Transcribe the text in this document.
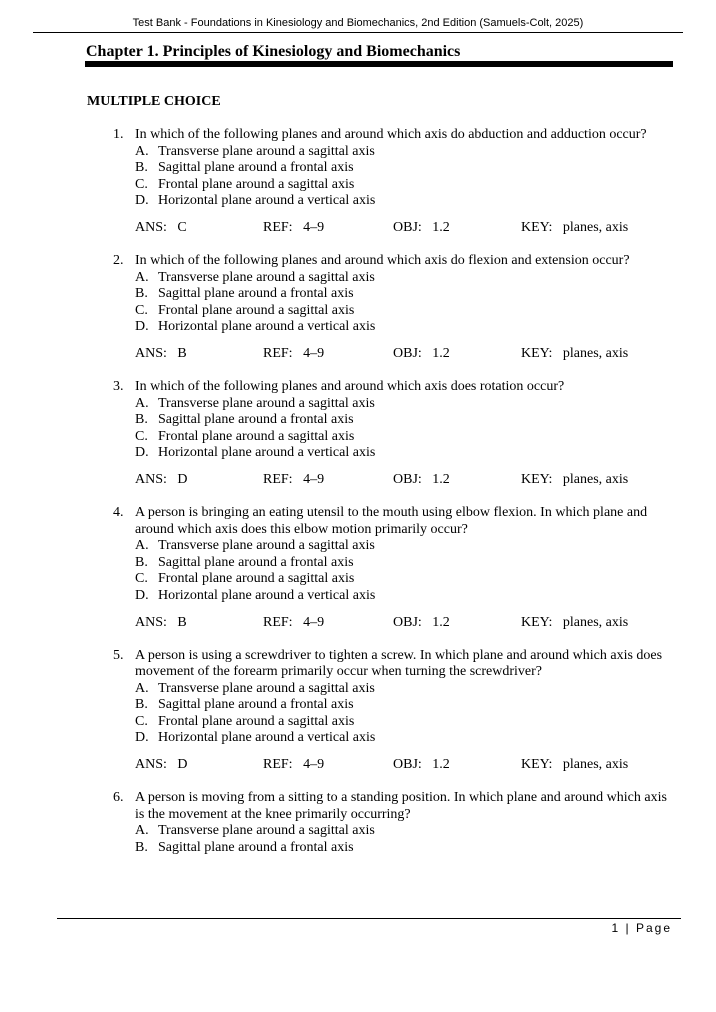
Test Bank - Foundations in Kinesiology and Biomechanics, 2nd Edition (Samuels-Colt, 2025)
Chapter 1. Principles of Kinesiology and Biomechanics
MULTIPLE CHOICE
1. In which of the following planes and around which axis do abduction and adduction occur?
A. Transverse plane around a sagittal axis
B. Sagittal plane around a frontal axis
C. Frontal plane around a sagittal axis
D. Horizontal plane around a vertical axis
ANS:   C	REF:   4–9	OBJ:   1.2	KEY:   planes, axis
2. In which of the following planes and around which axis do flexion and extension occur?
A. Transverse plane around a sagittal axis
B. Sagittal plane around a frontal axis
C. Frontal plane around a sagittal axis
D. Horizontal plane around a vertical axis
ANS:   B	REF:   4–9	OBJ:   1.2	KEY:   planes, axis
3. In which of the following planes and around which axis does rotation occur?
A. Transverse plane around a sagittal axis
B. Sagittal plane around a frontal axis
C. Frontal plane around a sagittal axis
D. Horizontal plane around a vertical axis
ANS:   D	REF:   4–9	OBJ:   1.2	KEY:   planes, axis
4. A person is bringing an eating utensil to the mouth using elbow flexion. In which plane and around which axis does this elbow motion primarily occur?
A. Transverse plane around a sagittal axis
B. Sagittal plane around a frontal axis
C. Frontal plane around a sagittal axis
D. Horizontal plane around a vertical axis
ANS:   B	REF:   4–9	OBJ:   1.2	KEY:   planes, axis
5. A person is using a screwdriver to tighten a screw. In which plane and around which axis does movement of the forearm primarily occur when turning the screwdriver?
A. Transverse plane around a sagittal axis
B. Sagittal plane around a frontal axis
C. Frontal plane around a sagittal axis
D. Horizontal plane around a vertical axis
ANS:   D	REF:   4–9	OBJ:   1.2	KEY:   planes, axis
6. A person is moving from a sitting to a standing position. In which plane and around which axis is the movement at the knee primarily occurring?
A. Transverse plane around a sagittal axis
B. Sagittal plane around a frontal axis
1 | Page
